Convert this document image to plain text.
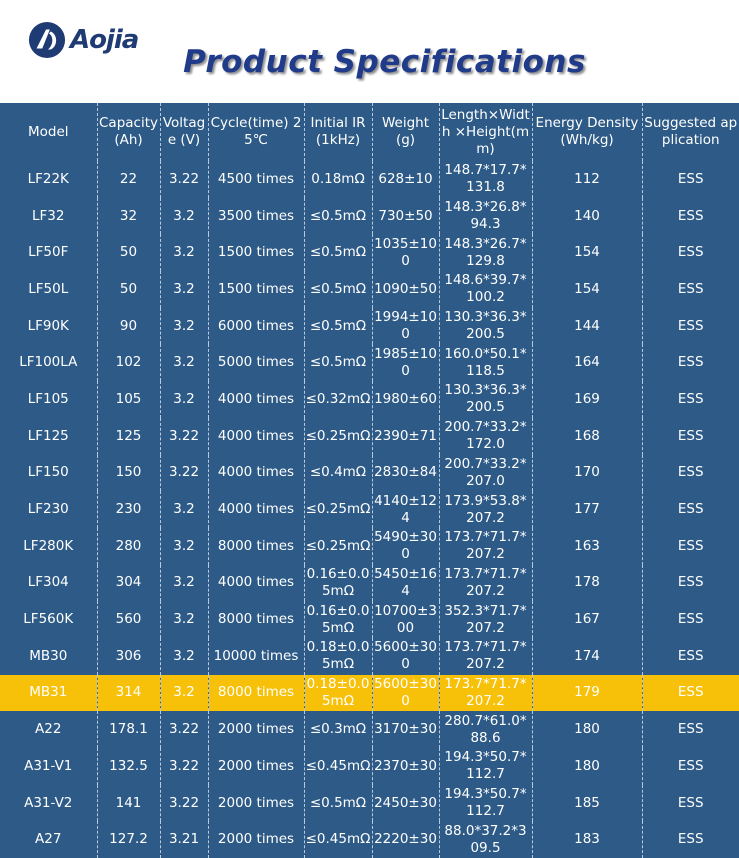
Aojia
Product Specifications
Model	Capacity (Ah)	Voltage (V)	Cycle(time) 25℃	Initial IR(1kHz)	Weight (g)	Length×Width ×Height(mm)	Energy Density(Wh/kg)	Suggested application
LF22K	22	3.22	4500 times	0.18mΩ	628±10	148.7*17.7*131.8	112	ESS
LF32	32	3.2	3500 times	≤0.5mΩ	730±50	148.3*26.8*94.3	140	ESS
LF50F	50	3.2	1500 times	≤0.5mΩ	1035±100	148.3*26.7*129.8	154	ESS
LF50L	50	3.2	1500 times	≤0.5mΩ	1090±50	148.6*39.7*100.2	154	ESS
LF90K	90	3.2	6000 times	≤0.5mΩ	1994±100	130.3*36.3*200.5	144	ESS
LF100LA	102	3.2	5000 times	≤0.5mΩ	1985±100	160.0*50.1*118.5	164	ESS
LF105	105	3.2	4000 times	≤0.32mΩ	1980±60	130.3*36.3*200.5	169	ESS
LF125	125	3.22	4000 times	≤0.25mΩ	2390±71	200.7*33.2*172.0	168	ESS
LF150	150	3.22	4000 times	≤0.4mΩ	2830±84	200.7*33.2*207.0	170	ESS
LF230	230	3.2	4000 times	≤0.25mΩ	4140±124	173.9*53.8*207.2	177	ESS
LF280K	280	3.2	8000 times	≤0.25mΩ	5490±300	173.7*71.7*207.2	163	ESS
LF304	304	3.2	4000 times	0.16±0.05mΩ	5450±164	173.7*71.7*207.2	178	ESS
LF560K	560	3.2	8000 times	0.16±0.05mΩ	10700±300	352.3*71.7*207.2	167	ESS
MB30	306	3.2	10000 times	0.18±0.05mΩ	5600±300	173.7*71.7*207.2	174	ESS
MB31	314	3.2	8000 times	0.18±0.05mΩ	5600±300	173.7*71.7*207.2	179	ESS
A22	178.1	3.22	2000 times	≤0.3mΩ	3170±30	280.7*61.0*88.6	180	ESS
A31-V1	132.5	3.22	2000 times	≤0.45mΩ	2370±30	194.3*50.7*112.7	180	ESS
A31-V2	141	3.22	2000 times	≤0.5mΩ	2450±30	194.3*50.7*112.7	185	ESS
A27	127.2	3.21	2000 times	≤0.45mΩ	2220±30	88.0*37.2*309.5	183	ESS
